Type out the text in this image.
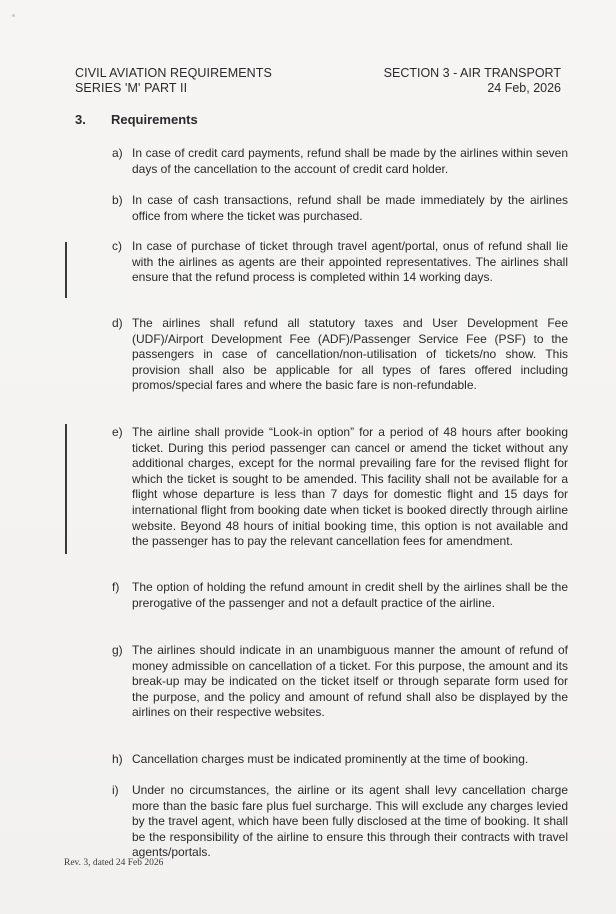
CIVIL AVIATION REQUIREMENTS
SERIES 'M' PART II
SECTION 3 - AIR TRANSPORT
24 Feb, 2026
3. Requirements
a) In case of credit card payments, refund shall be made by the airlines within seven days of the cancellation to the account of credit card holder.
b) In case of cash transactions, refund shall be made immediately by the airlines office from where the ticket was purchased.
c) In case of purchase of ticket through travel agent/portal, onus of refund shall lie with the airlines as agents are their appointed representatives. The airlines shall ensure that the refund process is completed within 14 working days.
d) The airlines shall refund all statutory taxes and User Development Fee (UDF)/Airport Development Fee (ADF)/Passenger Service Fee (PSF) to the passengers in case of cancellation/non-utilisation of tickets/no show. This provision shall also be applicable for all types of fares offered including promos/special fares and where the basic fare is non-refundable.
e) The airline shall provide “Look-in option” for a period of 48 hours after booking ticket. During this period passenger can cancel or amend the ticket without any additional charges, except for the normal prevailing fare for the revised flight for which the ticket is sought to be amended. This facility shall not be available for a flight whose departure is less than 7 days for domestic flight and 15 days for international flight from booking date when ticket is booked directly through airline website. Beyond 48 hours of initial booking time, this option is not available and the passenger has to pay the relevant cancellation fees for amendment.
f)	The option of holding the refund amount in credit shell by the airlines shall be the prerogative of the passenger and not a default practice of the airline.
g) The airlines should indicate in an unambiguous manner the amount of refund of money admissible on cancellation of a ticket. For this purpose, the amount and its break-up may be indicated on the ticket itself or through separate form used for the purpose, and the policy and amount of refund shall also be displayed by the airlines on their respective websites.
h) Cancellation charges must be indicated prominently at the time of booking.
i)	Under no circumstances, the airline or its agent shall levy cancellation charge more than the basic fare plus fuel surcharge. This will exclude any charges levied by the travel agent, which have been fully disclosed at the time of booking. It shall be the responsibility of the airline to ensure this through their contracts with travel agents/portals.
Rev. 3, dated 24 Feb 2026
